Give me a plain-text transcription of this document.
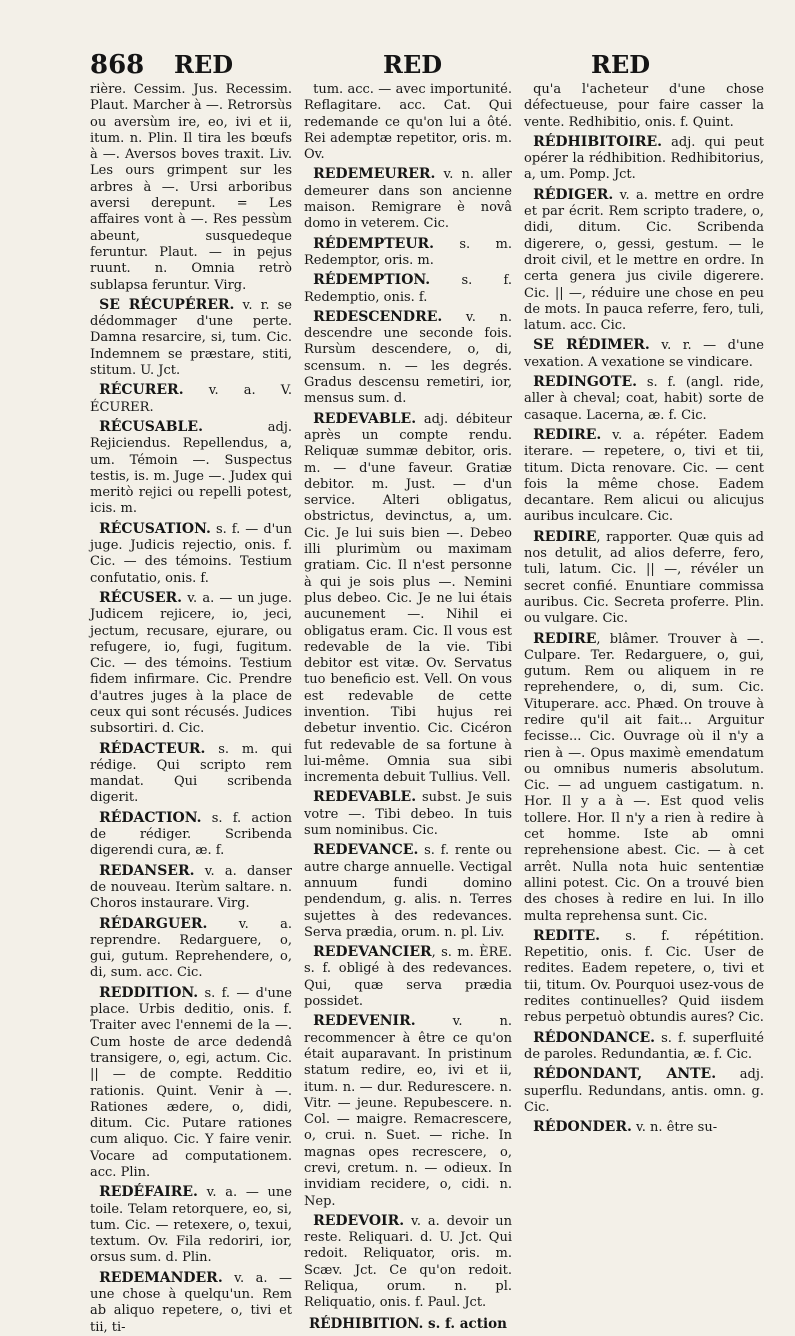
868 RED	RED	RED

rière. Cessim. Jus. Recessim. Plaut. Marcher à —. Retrorsùs ou aversùm ire, eo, ivi et ii, itum. n. Plin. Il tira les bœufs à —. Aversos boves traxit. Liv. Les ours grimpent sur les arbres à —. Ursi arboribus aversi derepunt. = Les affaires vont à —. Res pessùm abeunt, susquedeque feruntur. Plaut. — in pejus ruunt. n. Omnia retrò sublapsa feruntur. Virg.

SE RÉCUPÉRER. v. r. se dédommager d'une perte. Damna resarcire, si, tum. Cic. Indemnem se præstare, stiti, stitum. U. Jct.

RÉCURER. v. a. V. ÉCURER.

RÉCUSABLE. adj. Rejiciendus. Repellendus, a, um. Témoin —. Suspectus testis, is. m. Juge —. Judex qui meritò rejici ou repelli potest, icis. m.

RÉCUSATION. s. f. — d'un juge. Judicis rejectio, onis. f. Cic. — des témoins. Testium confutatio, onis. f.

RÉCUSER. v. a. — un juge. Judicem rejicere, io, jeci, jectum, recusare, ejurare, ou refugere, io, fugi, fugitum. Cic. — des témoins. Testium fidem infirmare. Cic. Prendre d'autres juges à la place de ceux qui sont récusés. Judices subsortiri. d. Cic.

RÉDACTEUR. s. m. qui rédige. Qui scripto rem mandat. Qui scribenda digerit.

RÉDACTION. s. f. action de rédiger. Scribenda digerendi cura, æ. f.

REDANSER. v. a. danser de nouveau. Iterùm saltare. n. Choros instaurare. Virg.

RÉDARGUER. v. a. reprendre. Redarguere, o, gui, gutum. Reprehendere, o, di, sum. acc. Cic.

REDDITION. s. f. — d'une place. Urbis deditio, onis. f. Traiter avec l'ennemi de la —. Cum hoste de arce dedendâ transigere, o, egi, actum. Cic. || — de compte. Redditio rationis. Quint. Venir à —. Rationes ædere, o, didi, ditum. Cic. Putare rationes cum aliquo. Cic. Y faire venir. Vocare ad computationem. acc. Plin.

REDÉFAIRE. v. a. — une toile. Telam retorquere, eo, si, tum. Cic. — retexere, o, texui, textum. Ov. Fila redoriri, ior, orsus sum. d. Plin.

REDEMANDER. v. a. — une chose à quelqu'un. Rem ab aliquo repetere, o, tivi et tii, ti-

tum. acc. — avec importunité. Reflagitare. acc. Cat. Qui redemande ce qu'on lui a ôté. Rei ademptæ repetitor, oris. m. Ov.

REDEMEURER. v. n. aller demeurer dans son ancienne maison. Remigrare è novâ domo in veterem. Cic.

RÉDEMPTEUR. s. m. Redemptor, oris. m.

RÉDEMPTION. s. f. Redemptio, onis. f.

REDESCENDRE. v. n. descendre une seconde fois. Rursùm descendere, o, di, scensum. n. — les degrés. Gradus descensu remetiri, ior, mensus sum. d.

REDEVABLE. adj. débiteur après un compte rendu. Reliquæ summæ debitor, oris. m. — d'une faveur. Gratiæ debitor. m. Just. — d'un service. Alteri obligatus, obstrictus, devinctus, a, um. Cic. Je lui suis bien —. Debeo illi plurimùm ou maximam gratiam. Cic. Il n'est personne à qui je sois plus —. Nemini plus debeo. Cic. Je ne lui étais aucunement —. Nihil ei obligatus eram. Cic. Il vous est redevable de la vie. Tibi debitor est vitæ. Ov. Servatus tuo beneficio est. Vell. On vous est redevable de cette invention. Tibi hujus rei debetur inventio. Cic. Cicéron fut redevable de sa fortune à lui-même. Omnia sua sibi incrementa debuit Tullius. Vell.

REDEVABLE. subst. Je suis votre —. Tibi debeo. In tuis sum nominibus. Cic.

REDEVANCE. s. f. rente ou autre charge annuelle. Vectigal annuum fundi domino pendendum, g. alis. n. Terres sujettes à des redevances. Serva prædia, orum. n. pl. Liv.

REDEVANCIER, s. m. ÈRE. s. f. obligé à des redevances. Qui, quæ serva prædia possidet.

REDEVENIR. v. n. recommencer à être ce qu'on était auparavant. In pristinum statum redire, eo, ivi et ii, itum. n. — dur. Redurescere. n. Vitr. — jeune. Repubescere. n. Col. — maigre. Remacrescere, o, crui. n. Suet. — riche. In magnas opes recrescere, o, crevi, cretum. n. — odieux. In invidiam recidere, o, cidi. n. Nep.

REDEVOIR. v. a. devoir un reste. Reliquari. d. U. Jct. Qui redoit. Reliquator, oris. m. Scæv. Jct. Ce qu'on redoit. Reliqua, orum. n. pl. Reliquatio, onis. f. Paul. Jct.

RÉDHIBITION. s. f. action

qu'a l'acheteur d'une chose défectueuse, pour faire casser la vente. Redhibitio, onis. f. Quint.

RÉDHIBITOIRE. adj. qui peut opérer la rédhibition. Redhibitorius, a, um. Pomp. Jct.

RÉDIGER. v. a. mettre en ordre et par écrit. Rem scripto tradere, o, didi, ditum. Cic. Scribenda digerere, o, gessi, gestum. — le droit civil, et le mettre en ordre. In certa genera jus civile digerere. Cic. || —, réduire une chose en peu de mots. In pauca referre, fero, tuli, latum. acc. Cic.

SE RÉDIMER. v. r. — d'une vexation. A vexatione se vindicare.

REDINGOTE. s. f. (angl. ride, aller à cheval; coat, habit) sorte de casaque. Lacerna, æ. f. Cic.

REDIRE. v. a. répéter. Eadem iterare. — repetere, o, tivi et tii, titum. Dicta renovare. Cic. — cent fois la même chose. Eadem decantare. Rem alicui ou alicujus auribus inculcare. Cic.

REDIRE, rapporter. Quæ quis ad nos detulit, ad alios deferre, fero, tuli, latum. Cic. || —, révéler un secret confié. Enuntiare commissa auribus. Cic. Secreta proferre. Plin. ou vulgare. Cic.

REDIRE, blâmer. Trouver à —. Culpare. Ter. Redarguere, o, gui, gutum. Rem ou aliquem in re reprehendere, o, di, sum. Cic. Vituperare. acc. Phæd. On trouve à redire qu'il ait fait... Arguitur fecisse... Cic. Ouvrage où il n'y a rien à —. Opus maximè emendatum ou omnibus numeris absolutum. Cic. — ad unguem castigatum. n. Hor. Il y a à —. Est quod velis tollere. Hor. Il n'y a rien à redire à cet homme. Iste ab omni reprehensione abest. Cic. — à cet arrêt. Nulla nota huic sententiæ allini potest. Cic. On a trouvé bien des choses à redire en lui. In illo multa reprehensa sunt. Cic.

REDITE. s. f. répétition. Repetitio, onis. f. Cic. User de redites. Eadem repetere, o, tivi et tii, titum. Ov. Pourquoi usez-vous de redites continuelles? Quid iisdem rebus perpetuò obtundis aures? Cic.

RÉDONDANCE. s. f. superfluité de paroles. Redundantia, æ. f. Cic.

RÉDONDANT, ANTE. adj. superflu. Redundans, antis. omn. g. Cic.

RÉDONDER. v. n. être su-
